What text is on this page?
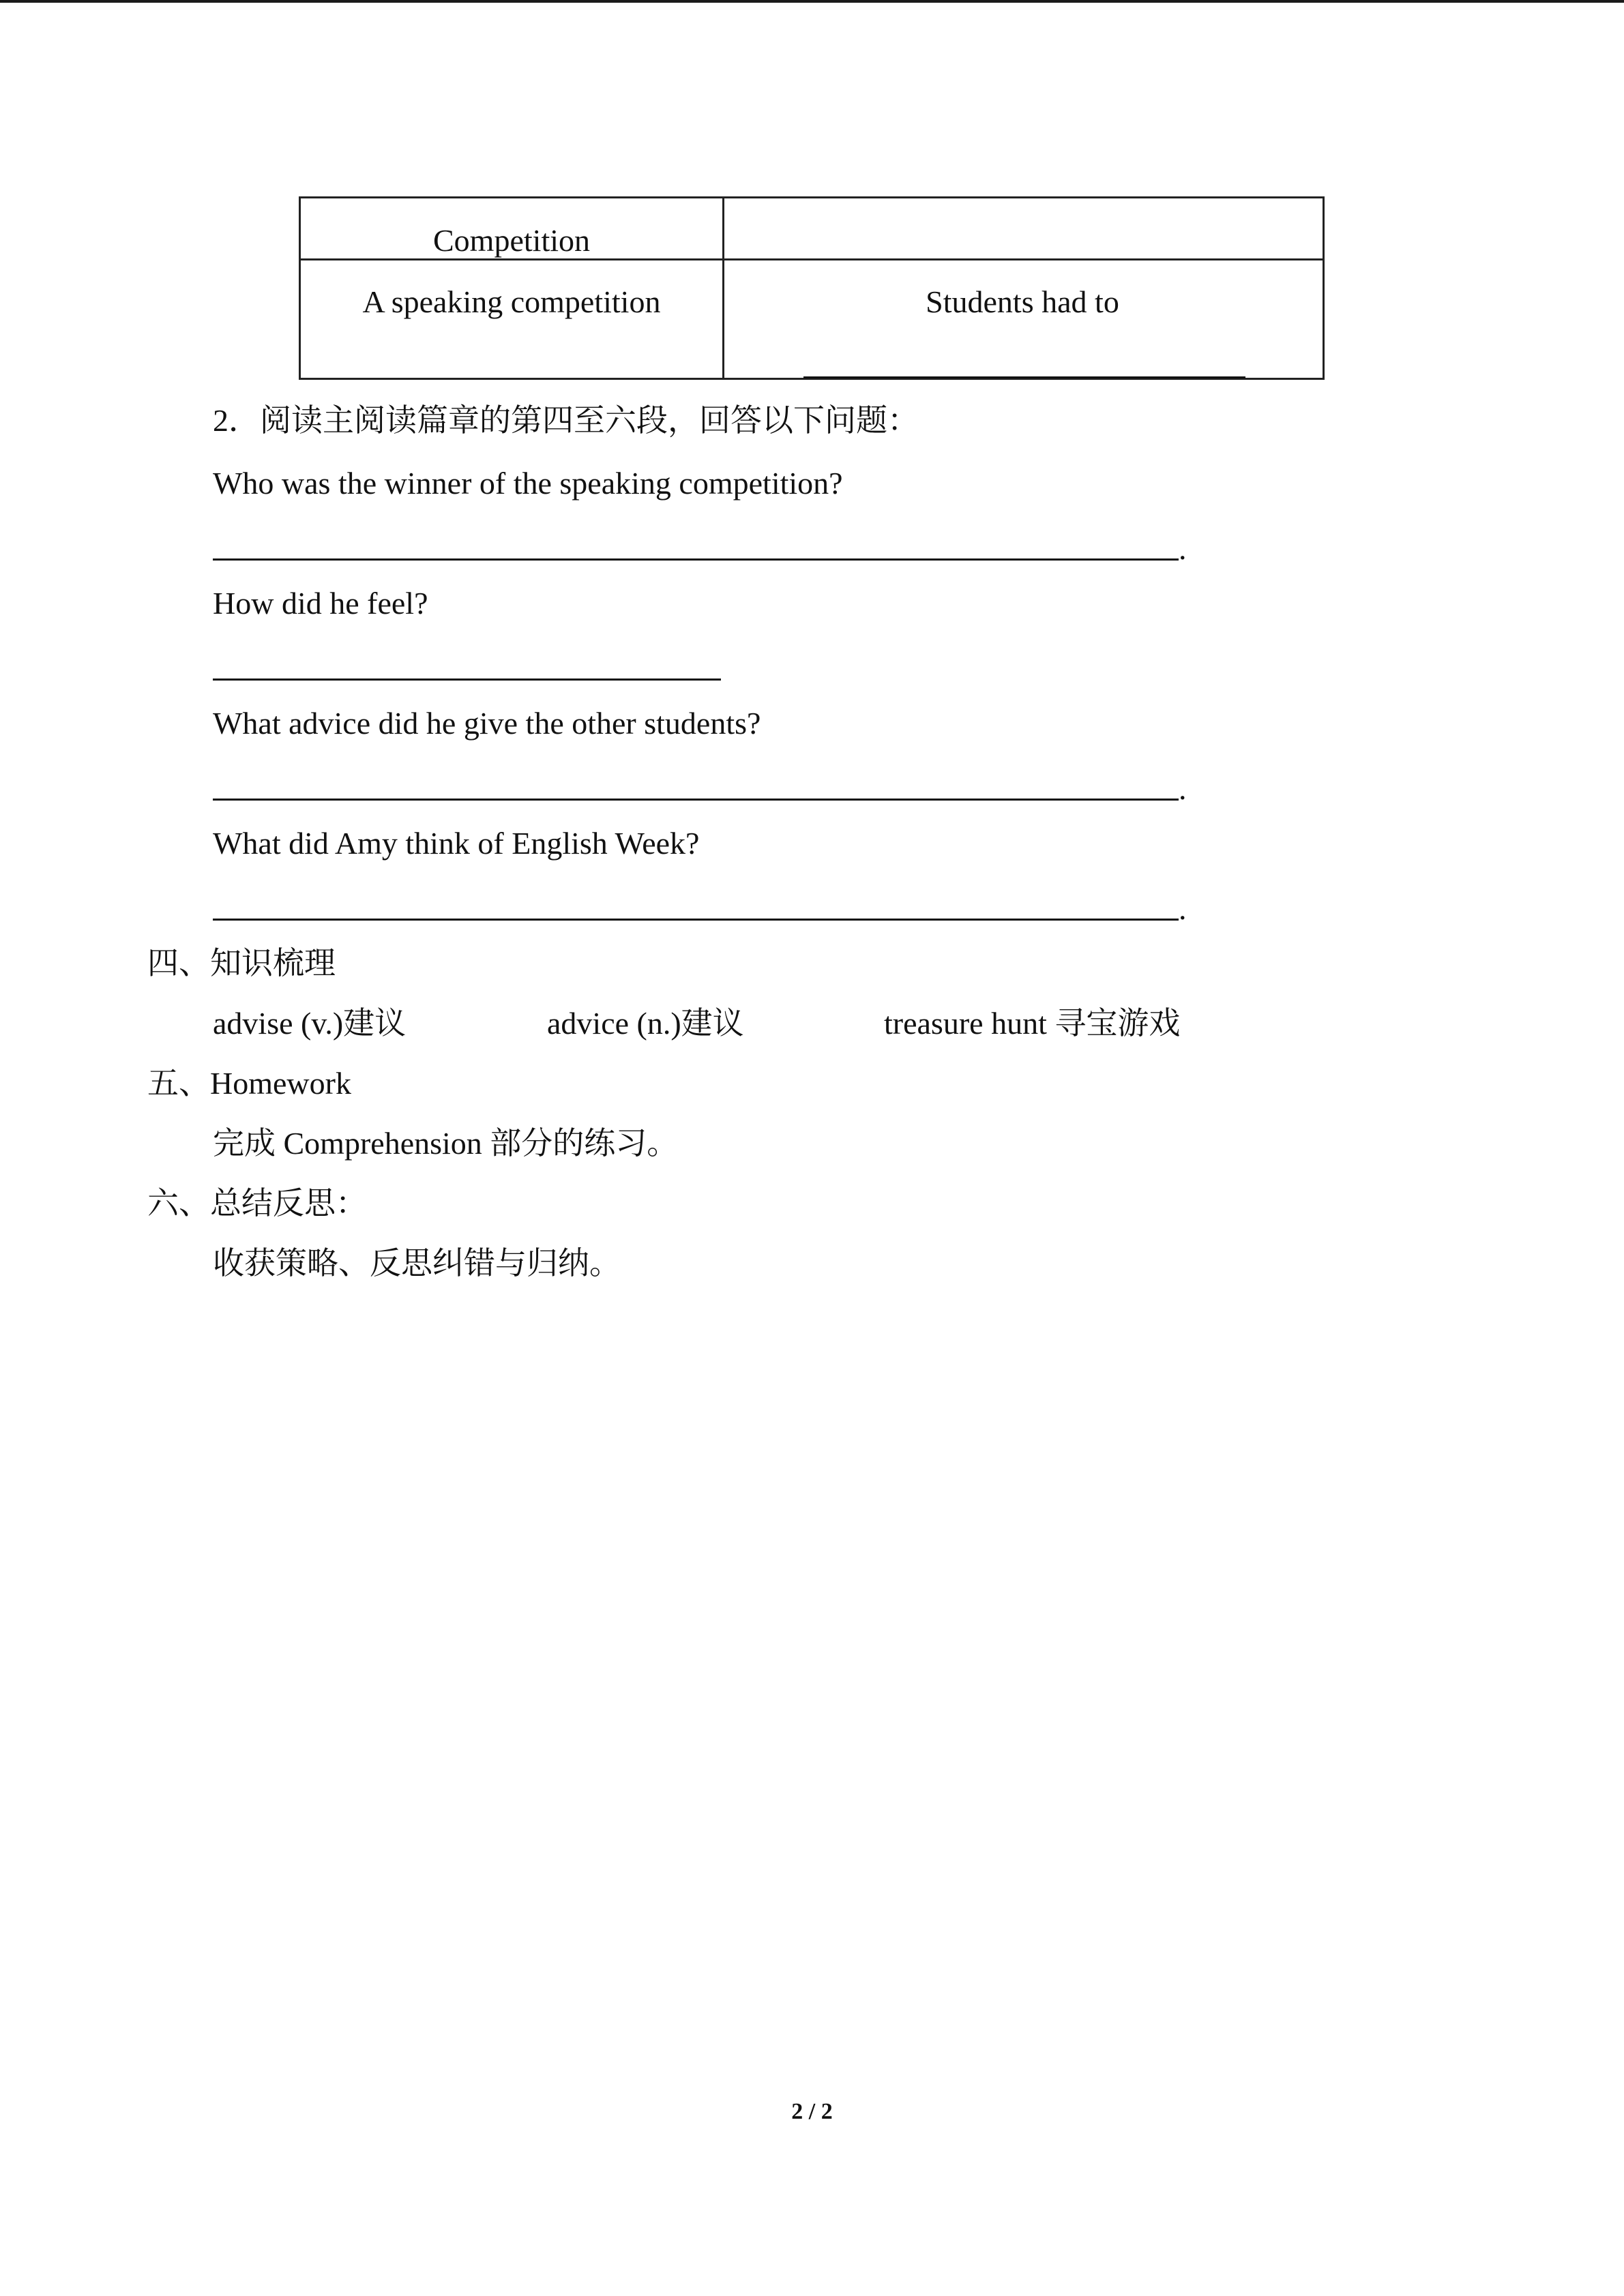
Competition
A speaking competition	Students had to
2．阅读主阅读篇章的第四至六段，回答以下问题：
Who was the winner of the speaking competition?
.
How did he feel?
What advice did he give the other students?
.
What did Amy think of English Week?
.
四、知识梳理
advise (v.)建议	advice (n.)建议	treasure hunt 寻宝游戏
五、Homework
完成 Comprehension 部分的练习。
六、总结反思：
收获策略、反思纠错与归纳。
2 / 2
